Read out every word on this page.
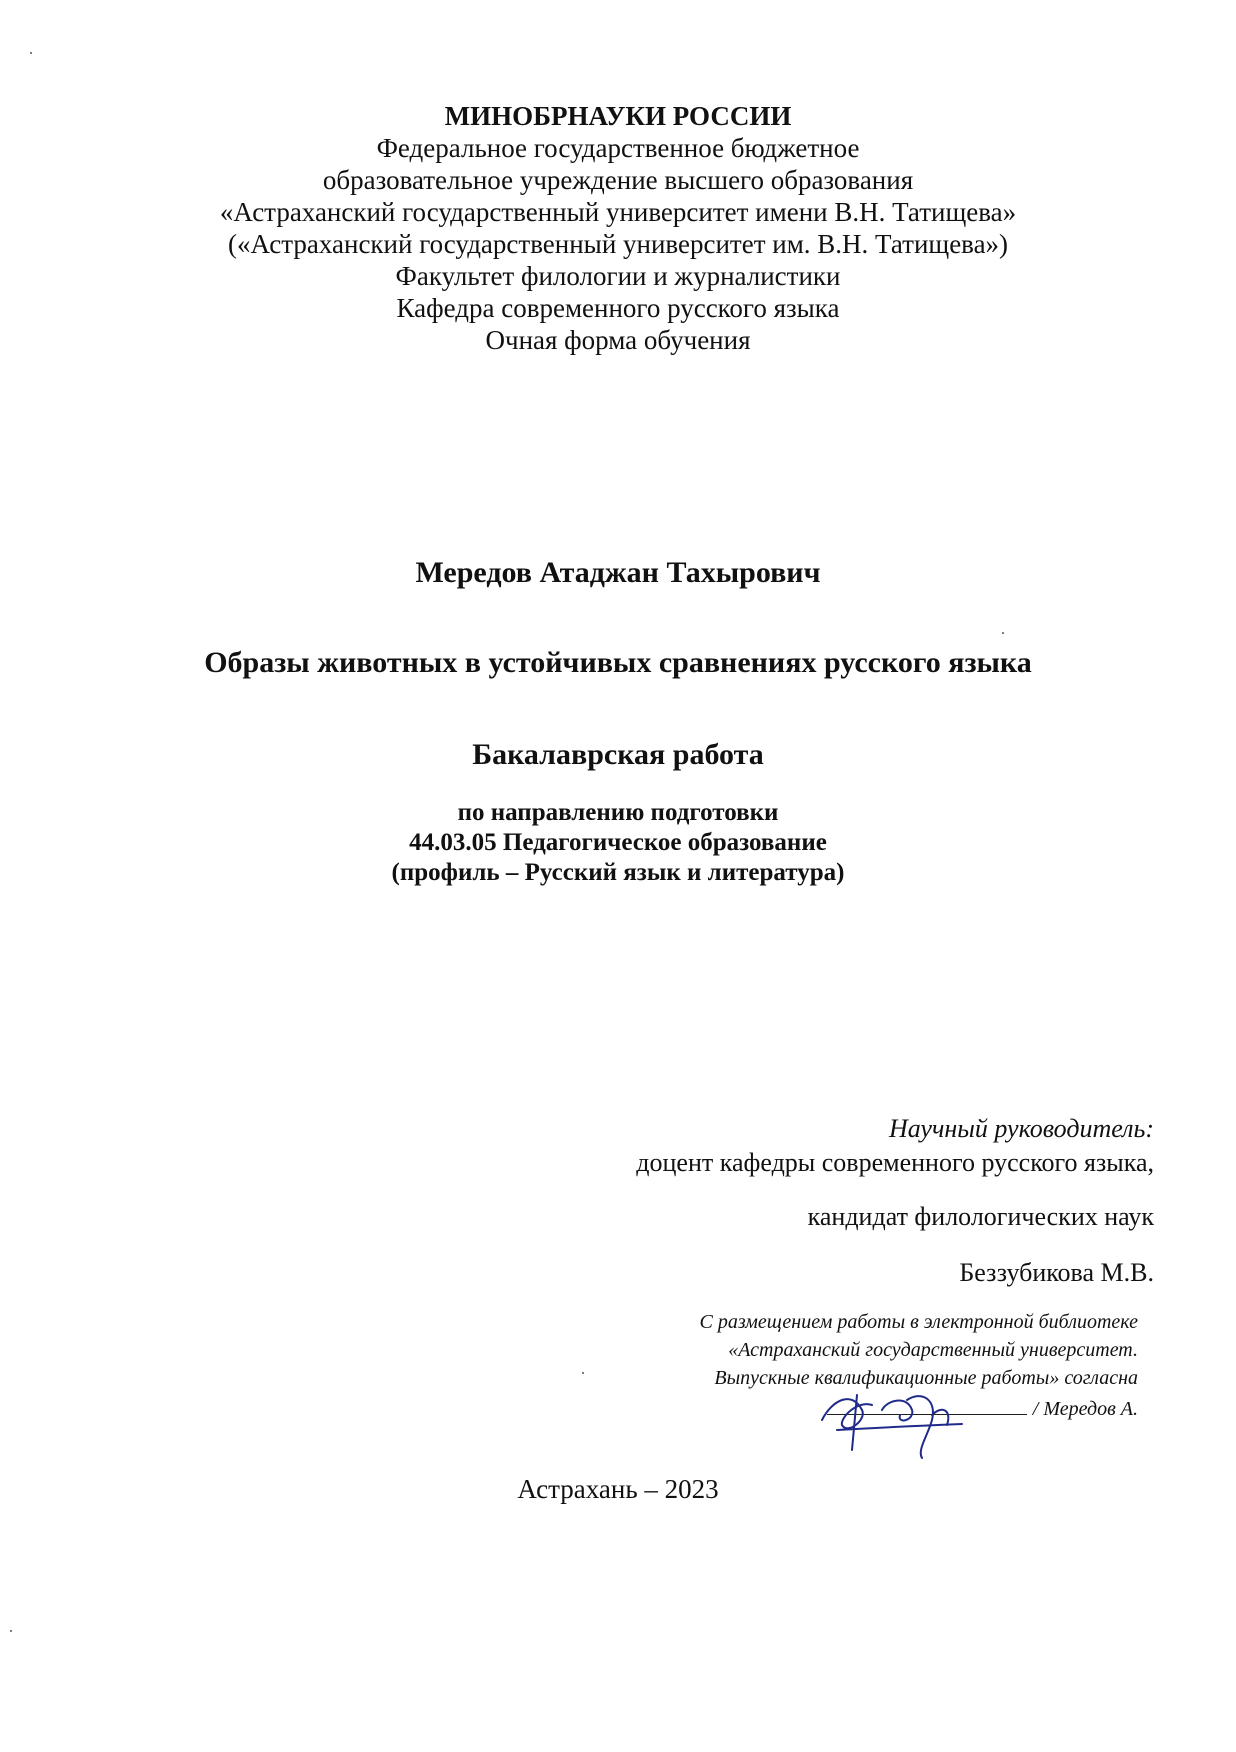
МИНОБРНАУКИ РОССИИ
Федеральное государственное бюджетное
образовательное учреждение высшего образования
«Астраханский государственный университет имени В.Н. Татищева»
(«Астраханский государственный университет им. В.Н. Татищева»)
Факультет филологии и журналистики
Кафедра современного русского языка
Очная форма обучения
Мередов Атаджан Тахырович
Образы животных в устойчивых сравнениях русского языка
Бакалаврская работа
по направлению подготовки
44.03.05 Педагогическое образование
(профиль – Русский язык и литература)
Научный руководитель:
доцент кафедры современного русского языка,
кандидат филологических наук
Беззубикова М.В.
С размещением работы в электронной библиотеке
«Астраханский государственный университет.
Выпускные квалификационные работы» согласна
/ Мередов А.
Астрахань – 2023
